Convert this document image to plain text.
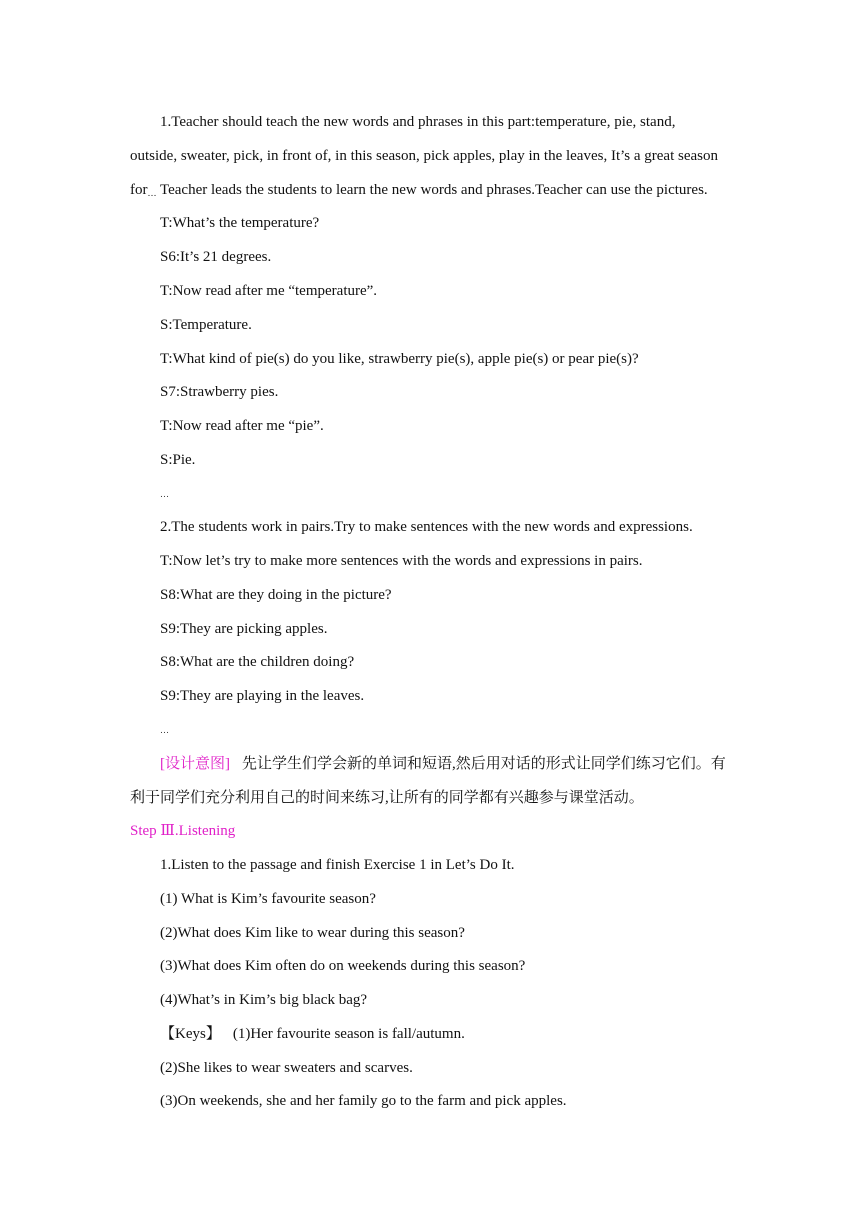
1.Teacher should teach the new words and phrases in this part:temperature, pie, stand,
outside, sweater, pick, in front of, in this season, pick apples, play in the leaves, It’s a great season
for… Teacher leads the students to learn the new words and phrases.Teacher can use the pictures.
T:What’s the temperature?
S6:It’s 21 degrees.
T:Now read after me “temperature”.
S:Temperature.
T:What kind of pie(s) do you like, strawberry pie(s), apple pie(s) or pear pie(s)?
S7:Strawberry pies.
T:Now read after me “pie”.
S:Pie.
…
2.The students work in pairs.Try to make sentences with the new words and expressions.
T:Now let’s try to make more sentences with the words and expressions in pairs.
S8:What are they doing in the picture?
S9:They are picking apples.
S8:What are the children doing?
S9:They are playing in the leaves.
…
[设计意图] 先让学生们学会新的单词和短语,然后用对话的形式让同学们练习它们。有
利于同学们充分利用自己的时间来练习,让所有的同学都有兴趣参与课堂活动。
Step Ⅲ.Listening
1.Listen to the passage and finish Exercise 1 in Let’s Do It.
(1) What is Kim’s favourite season?
(2)What does Kim like to wear during this season?
(3)What does Kim often do on weekends during this season?
(4)What’s in Kim’s big black bag?
【Keys】 (1)Her favourite season is fall/autumn.
(2)She likes to wear sweaters and scarves.
(3)On weekends, she and her family go to the farm and pick apples.
